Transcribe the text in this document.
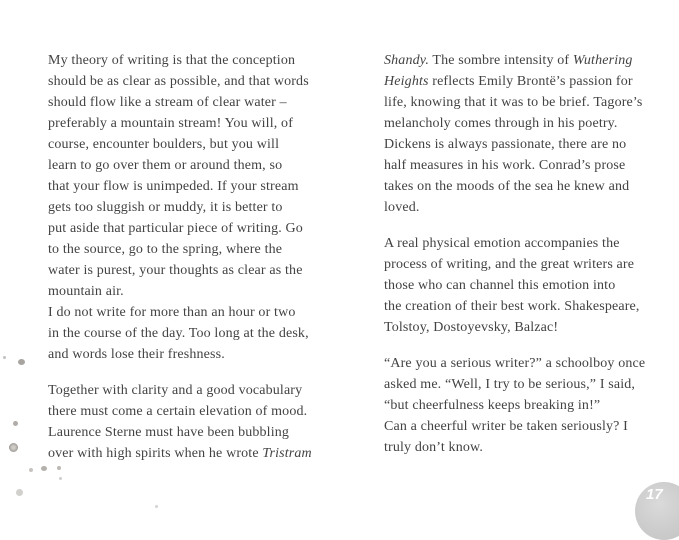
My theory of writing is that the conception
should be as clear as possible, and that words
should flow like a stream of clear water –
preferably a mountain stream! You will, of
course, encounter boulders, but you will
learn to go over them or around them, so
that your flow is unimpeded. If your stream
gets too sluggish or muddy, it is better to
put aside that particular piece of writing. Go
to the source, go to the spring, where the
water is purest, your thoughts as clear as the
mountain air.
I do not write for more than an hour or two
in the course of the day. Too long at the desk,
and words lose their freshness.
Together with clarity and a good vocabulary
there must come a certain elevation of mood.
Laurence Sterne must have been bubbling
over with high spirits when he wrote Tristram
Shandy. The sombre intensity of Wuthering
Heights reflects Emily Brontë’s passion for
life, knowing that it was to be brief. Tagore’s
melancholy comes through in his poetry.
Dickens is always passionate, there are no
half measures in his work. Conrad’s prose
takes on the moods of the sea he knew and
loved.
A real physical emotion accompanies the
process of writing, and the great writers are
those who can channel this emotion into
the creation of their best work. Shakespeare,
Tolstoy, Dostoyevsky, Balzac!
“Are you a serious writer?” a schoolboy once
asked me. “Well, I try to be serious,” I said,
“but cheerfulness keeps breaking in!”
Can a cheerful writer be taken seriously? I
truly don’t know.
17
